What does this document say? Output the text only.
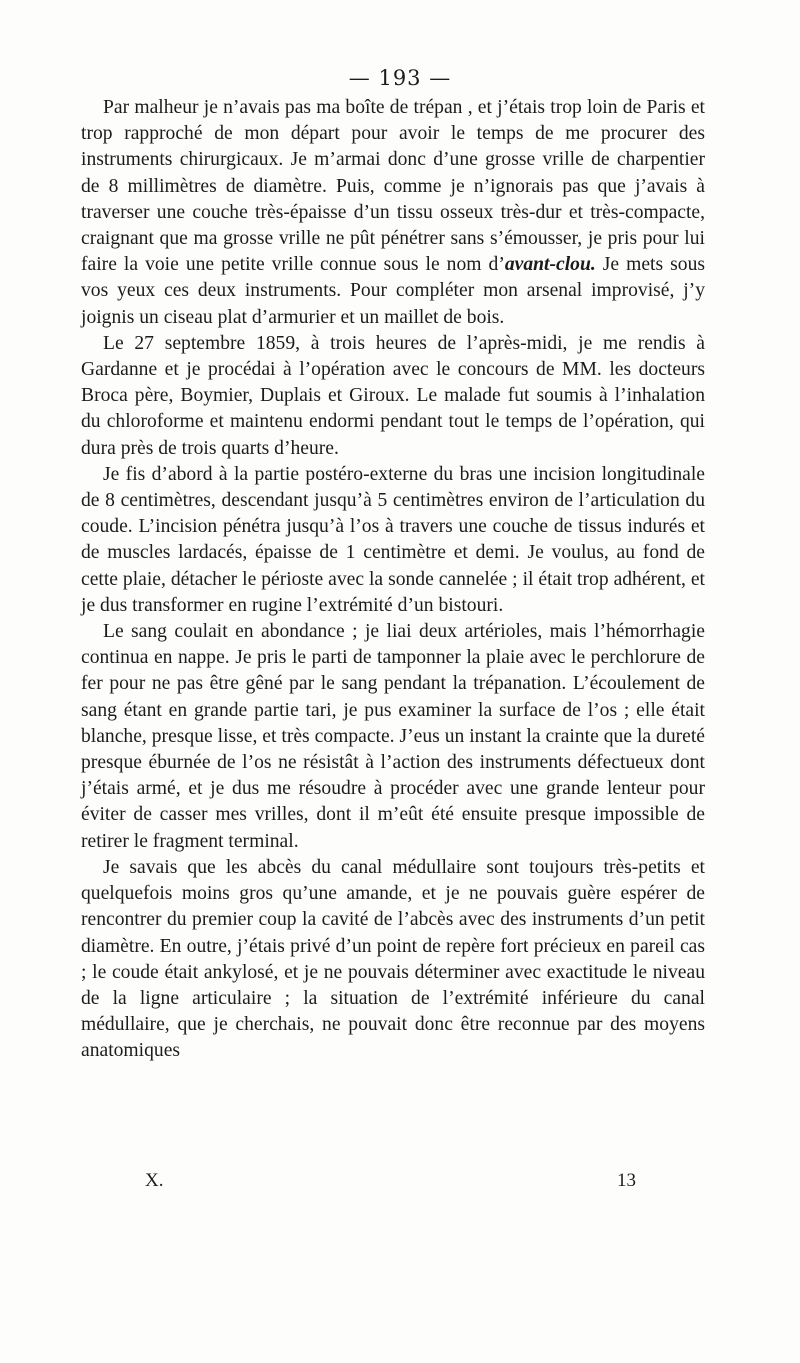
— 193 —

Par malheur je n’avais pas ma boîte de trépan , et j’étais trop loin de Paris et trop rapproché de mon départ pour avoir le temps de me procurer des instruments chirurgicaux. Je m’armai donc d’une grosse vrille de charpentier de 8 millimètres de diamètre. Puis, comme je n’ignorais pas que j’avais à traverser une couche très-épaisse d’un tissu osseux très-dur et très-compacte, craignant que ma grosse vrille ne pût pénétrer sans s’émousser, je pris pour lui faire la voie une petite vrille connue sous le nom d’avant-clou. Je mets sous vos yeux ces deux instruments. Pour compléter mon arsenal improvisé, j’y joignis un ciseau plat d’armurier et un maillet de bois.

Le 27 septembre 1859, à trois heures de l’après-midi, je me rendis à Gardanne et je procédai à l’opération avec le concours de MM. les docteurs Broca père, Boymier, Duplais et Giroux. Le malade fut soumis à l’inhalation du chloroforme et maintenu endormi pendant tout le temps de l’opération, qui dura près de trois quarts d’heure.

Je fis d’abord à la partie postéro-externe du bras une incision longitudinale de 8 centimètres, descendant jusqu’à 5 centimètres environ de l’articulation du coude. L’incision pénétra jusqu’à l’os à travers une couche de tissus indurés et de muscles lardacés, épaisse de 1 centimètre et demi. Je voulus, au fond de cette plaie, détacher le périoste avec la sonde cannelée ; il était trop adhérent, et je dus transformer en rugine l’extrémité d’un bistouri.

Le sang coulait en abondance ; je liai deux artérioles, mais l’hémorrhagie continua en nappe. Je pris le parti de tamponner la plaie avec le perchlorure de fer pour ne pas être gêné par le sang pendant la trépanation. L’écoulement de sang étant en grande partie tari, je pus examiner la surface de l’os ; elle était blanche, presque lisse, et très compacte. J’eus un instant la crainte que la dureté presque éburnée de l’os ne résistât à l’action des instruments défectueux dont j’étais armé, et je dus me résoudre à procéder avec une grande lenteur pour éviter de casser mes vrilles, dont il m’eût été ensuite presque impossible de retirer le fragment terminal.

Je savais que les abcès du canal médullaire sont toujours très-petits et quelquefois moins gros qu’une amande, et je ne pouvais guère espérer de rencontrer du premier coup la cavité de l’abcès avec des instruments d’un petit diamètre. En outre, j’étais privé d’un point de repère fort précieux en pareil cas ; le coude était ankylosé, et je ne pouvais déterminer avec exactitude le niveau de la ligne articulaire ; la situation de l’extrémité inférieure du canal médullaire, que je cherchais, ne pouvait donc être reconnue par des moyens anatomiques

X.	13
